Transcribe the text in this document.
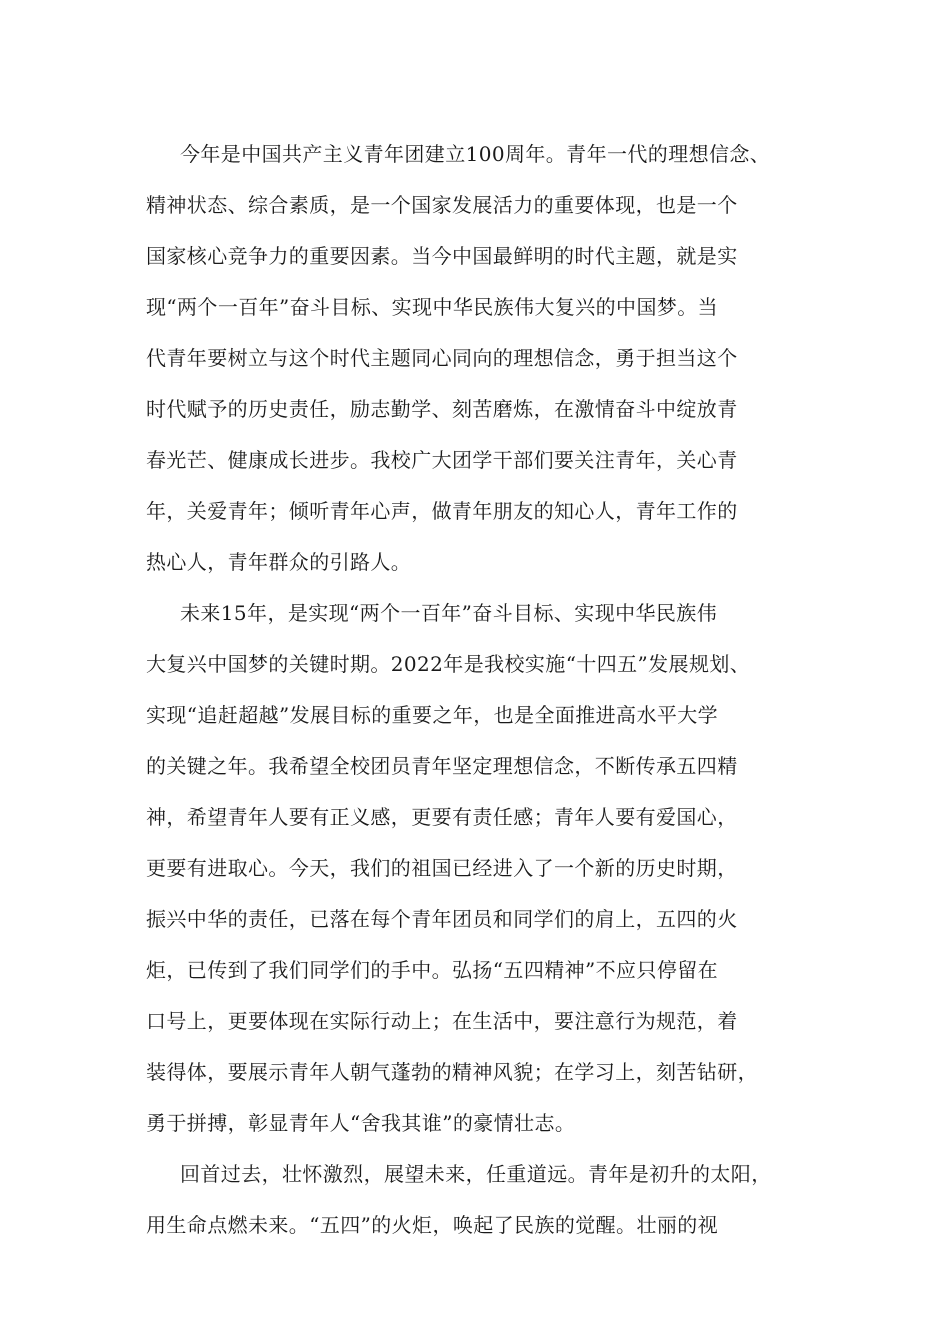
今年是中国共产主义青年团建立100周年。青年一代的理想信念、
精神状态、综合素质，是一个国家发展活力的重要体现，也是一个
国家核心竞争力的重要因素。当今中国最鲜明的时代主题，就是实
现“两个一百年”奋斗目标、实现中华民族伟大复兴的中国梦。当
代青年要树立与这个时代主题同心同向的理想信念，勇于担当这个
时代赋予的历史责任，励志勤学、刻苦磨炼，在激情奋斗中绽放青
春光芒、健康成长进步。我校广大团学干部们要关注青年，关心青
年，关爱青年；倾听青年心声，做青年朋友的知心人，青年工作的
热心人，青年群众的引路人。
未来15年，是实现“两个一百年”奋斗目标、实现中华民族伟
大复兴中国梦的关键时期。2022年是我校实施“十四五”发展规划、
实现“追赶超越”发展目标的重要之年，也是全面推进高水平大学
的关键之年。我希望全校团员青年坚定理想信念，不断传承五四精
神，希望青年人要有正义感，更要有责任感；青年人要有爱国心，
更要有进取心。今天，我们的祖国已经进入了一个新的历史时期，
振兴中华的责任，已落在每个青年团员和同学们的肩上，五四的火
炬，已传到了我们同学们的手中。弘扬“五四精神”不应只停留在
口号上，更要体现在实际行动上；在生活中，要注意行为规范，着
装得体，要展示青年人朝气蓬勃的精神风貌；在学习上，刻苦钻研，
勇于拼搏，彰显青年人“舍我其谁”的豪情壮志。
回首过去，壮怀激烈，展望未来，任重道远。青年是初升的太阳，
用生命点燃未来。“五四”的火炬，唤起了民族的觉醒。壮丽的视
